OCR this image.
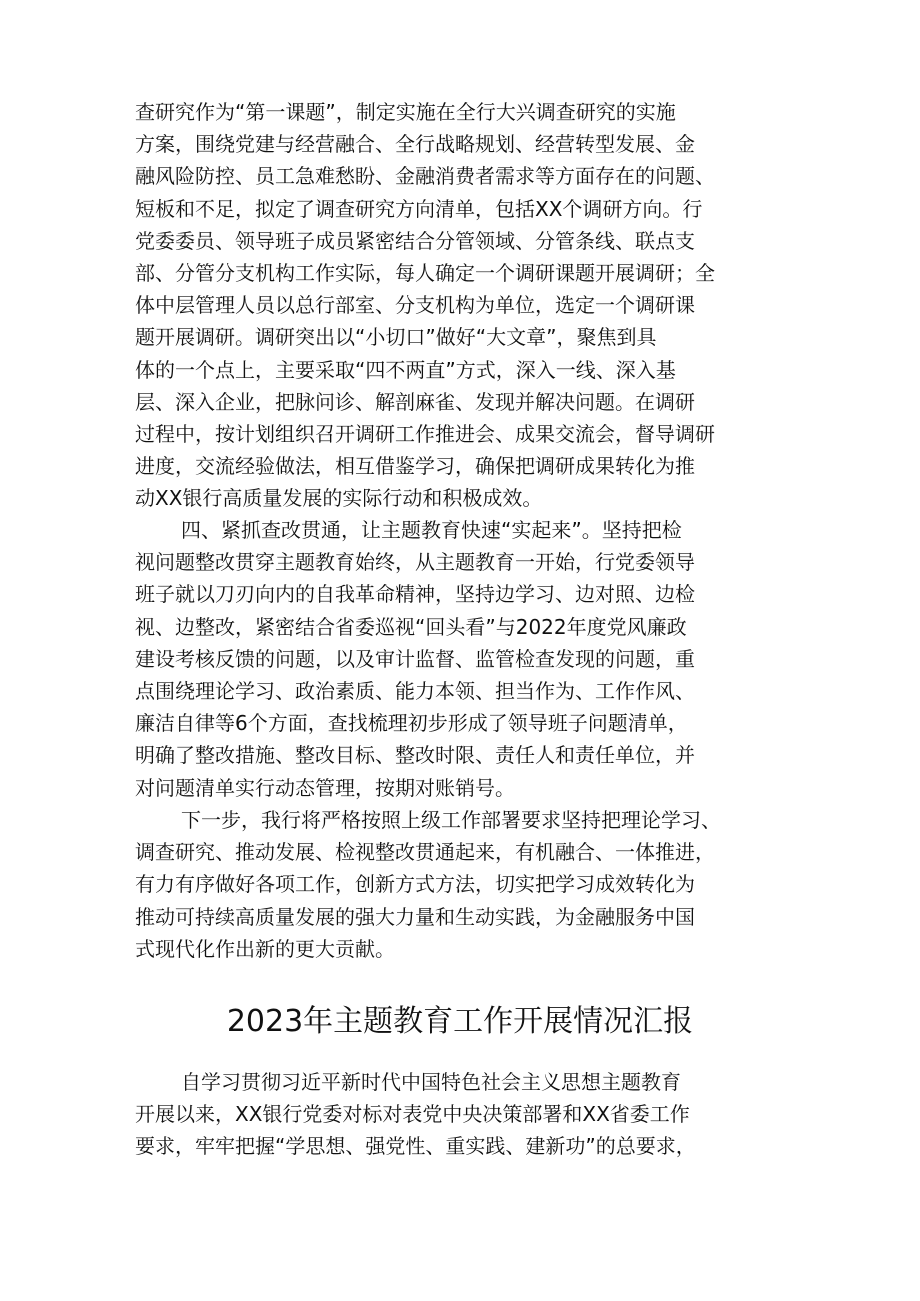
查研究作为“第一课题”，制定实施在全行大兴调查研究的实施
方案，围绕党建与经营融合、全行战略规划、经营转型发展、金
融风险防控、员工急难愁盼、金融消费者需求等方面存在的问题、
短板和不足，拟定了调查研究方向清单，包括XX个调研方向。行
党委委员、领导班子成员紧密结合分管领域、分管条线、联点支
部、分管分支机构工作实际，每人确定一个调研课题开展调研；全
体中层管理人员以总行部室、分支机构为单位，选定一个调研课
题开展调研。调研突出以“小切口”做好“大文章”，聚焦到具
体的一个点上，主要采取“四不两直”方式，深入一线、深入基
层、深入企业，把脉问诊、解剖麻雀、发现并解决问题。在调研
过程中，按计划组织召开调研工作推进会、成果交流会，督导调研
进度，交流经验做法，相互借鉴学习，确保把调研成果转化为推
动XX银行高质量发展的实际行动和积极成效。
四、紧抓查改贯通，让主题教育快速“实起来”。坚持把检
视问题整改贯穿主题教育始终，从主题教育一开始，行党委领导
班子就以刀刃向内的自我革命精神，坚持边学习、边对照、边检
视、边整改，紧密结合省委巡视“回头看”与2022年度党风廉政
建设考核反馈的问题，以及审计监督、监管检查发现的问题，重
点围绕理论学习、政治素质、能力本领、担当作为、工作作风、
廉洁自律等6个方面，查找梳理初步形成了领导班子问题清单，
明确了整改措施、整改目标、整改时限、责任人和责任单位，并
对问题清单实行动态管理，按期对账销号。
下一步，我行将严格按照上级工作部署要求坚持把理论学习、
调查研究、推动发展、检视整改贯通起来，有机融合、一体推进，
有力有序做好各项工作，创新方式方法，切实把学习成效转化为
推动可持续高质量发展的强大力量和生动实践，为金融服务中国
式现代化作出新的更大贡献。
2023年主题教育工作开展情况汇报
自学习贯彻习近平新时代中国特色社会主义思想主题教育
开展以来，XX银行党委对标对表党中央决策部署和XX省委工作
要求，牢牢把握“学思想、强党性、重实践、建新功”的总要求，
